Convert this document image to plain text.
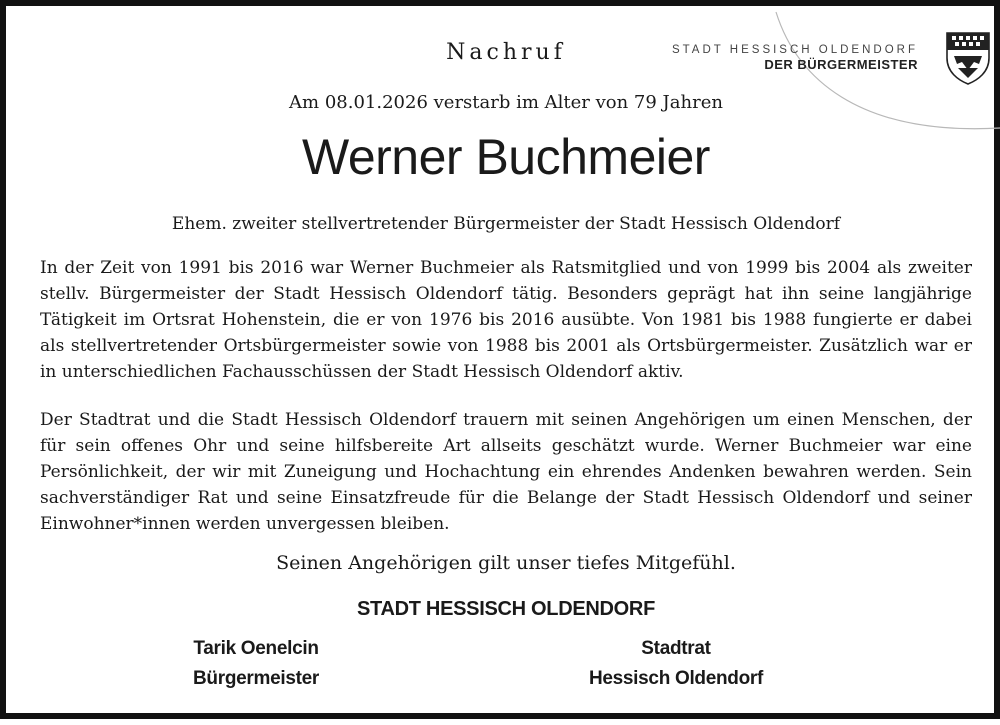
STADT HESSISCH OLDENDORF
DER BÜRGERMEISTER
Nachruf
Am 08.01.2026 verstarb im Alter von 79 Jahren
Werner Buchmeier
Ehem. zweiter stellvertretender Bürgermeister der Stadt Hessisch Oldendorf
In der Zeit von 1991 bis 2016 war Werner Buchmeier als Ratsmitglied und von 1999 bis 2004 als zweiter stellv. Bürgermeister der Stadt Hessisch Oldendorf tätig. Besonders geprägt hat ihn seine langjährige Tätigkeit im Ortsrat Hohenstein, die er von 1976 bis 2016 ausübte. Von 1981 bis 1988 fungierte er dabei als stellvertretender Ortsbürgermeister sowie von 1988 bis 2001 als Ortsbürgermeister. Zusätzlich war er in unterschiedlichen Fachausschüssen der Stadt Hessisch Oldendorf aktiv.
Der Stadtrat und die Stadt Hessisch Oldendorf trauern mit seinen Angehörigen um einen Menschen, der für sein offenes Ohr und seine hilfsbereite Art allseits geschätzt wurde. Werner Buchmeier war eine Persönlichkeit, der wir mit Zuneigung und Hochachtung ein ehrendes Andenken bewahren werden. Sein sachverständiger Rat und seine Einsatzfreude für die Belange der Stadt Hessisch Oldendorf und seiner Einwohner*innen werden unvergessen bleiben.
Seinen Angehörigen gilt unser tiefes Mitgefühl.
STADT HESSISCH OLDENDORF
Tarik Oenelcin
Bürgermeister
Stadtrat
Hessisch Oldendorf
